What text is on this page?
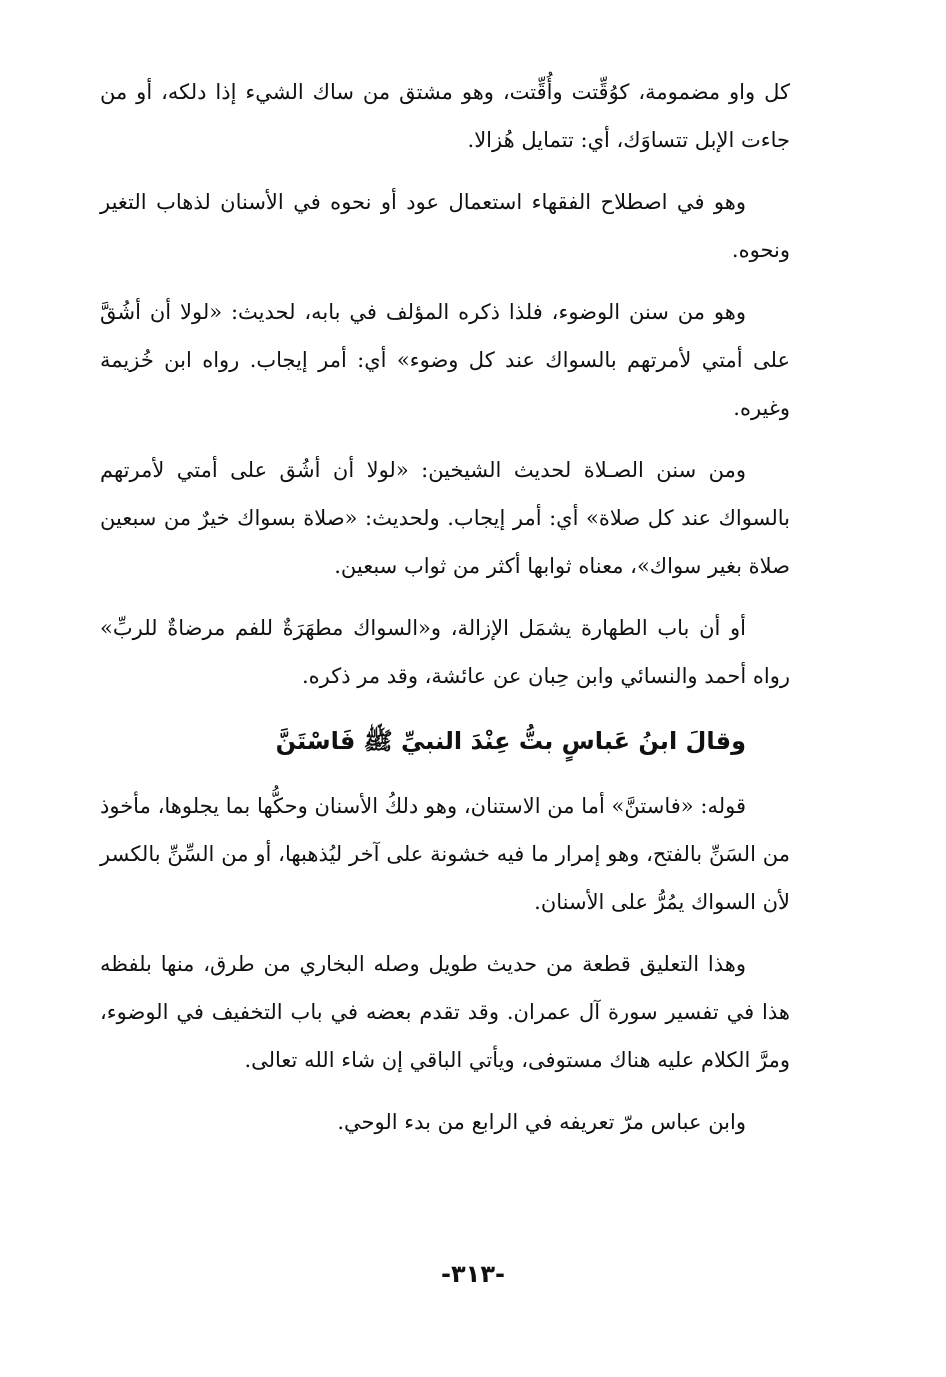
كل واو مضمومة، كوُقِّتت وأُقِّتت، وهو مشتق من ساك الشيء إذا دلكه، أو من جاءت الإبل تتساوَك، أي: تتمايل هُزالا.

وهو في اصطلاح الفقهاء استعمال عود أو نحوه في الأسنان لذهاب التغير ونحوه.

وهو من سنن الوضوء، فلذا ذكره المؤلف في بابه، لحديث: «لولا أن أشُقَّ على أمتي لأمرتهم بالسواك عند كل وضوء» أي: أمر إيجاب. رواه ابن خُزيمة وغيره.

ومن سنن الصـلاة لحديث الشيخين: «لولا أن أشُق على أمتي لأمرتهم بالسواك عند كل صلاة» أي: أمر إيجاب. ولحديث: «صلاة بسواك خيرٌ من سبعين صلاة بغير سواك»، معناه ثوابها أكثر من ثواب سبعين.

أو أن باب الطهارة يشمَل الإزالة، و«السواك مطهَرَةٌ للفم مرضاةٌ للربِّ» رواه أحمد والنسائي وابن حِبان عن عائشة، وقد مر ذكره.

وقالَ ابنُ عَباسٍ بتُّ عِنْدَ النبيِّ ﷺ فَاسْتَنَّ

قوله: «فاستنَّ» أما من الاستنان، وهو دلكُ الأسنان وحكُّها بما يجلوها، مأخوذ من السَنِّ بالفتح، وهو إمرار ما فيه خشونة على آخر ليُذهبها، أو من السِّنِّ بالكسر لأن السواك يمُرُّ على الأسنان.

وهذا التعليق قطعة من حديث طويل وصله البخاري من طرق، منها بلفظه هذا في تفسير سورة آل عمران. وقد تقدم بعضه في باب التخفيف في الوضوء، ومرَّ الكلام عليه هناك مستوفى، ويأتي الباقي إن شاء الله تعالى.

وابن عباس مرّ تعريفه في الرابع من بدء الوحي.

-٣١٣-
